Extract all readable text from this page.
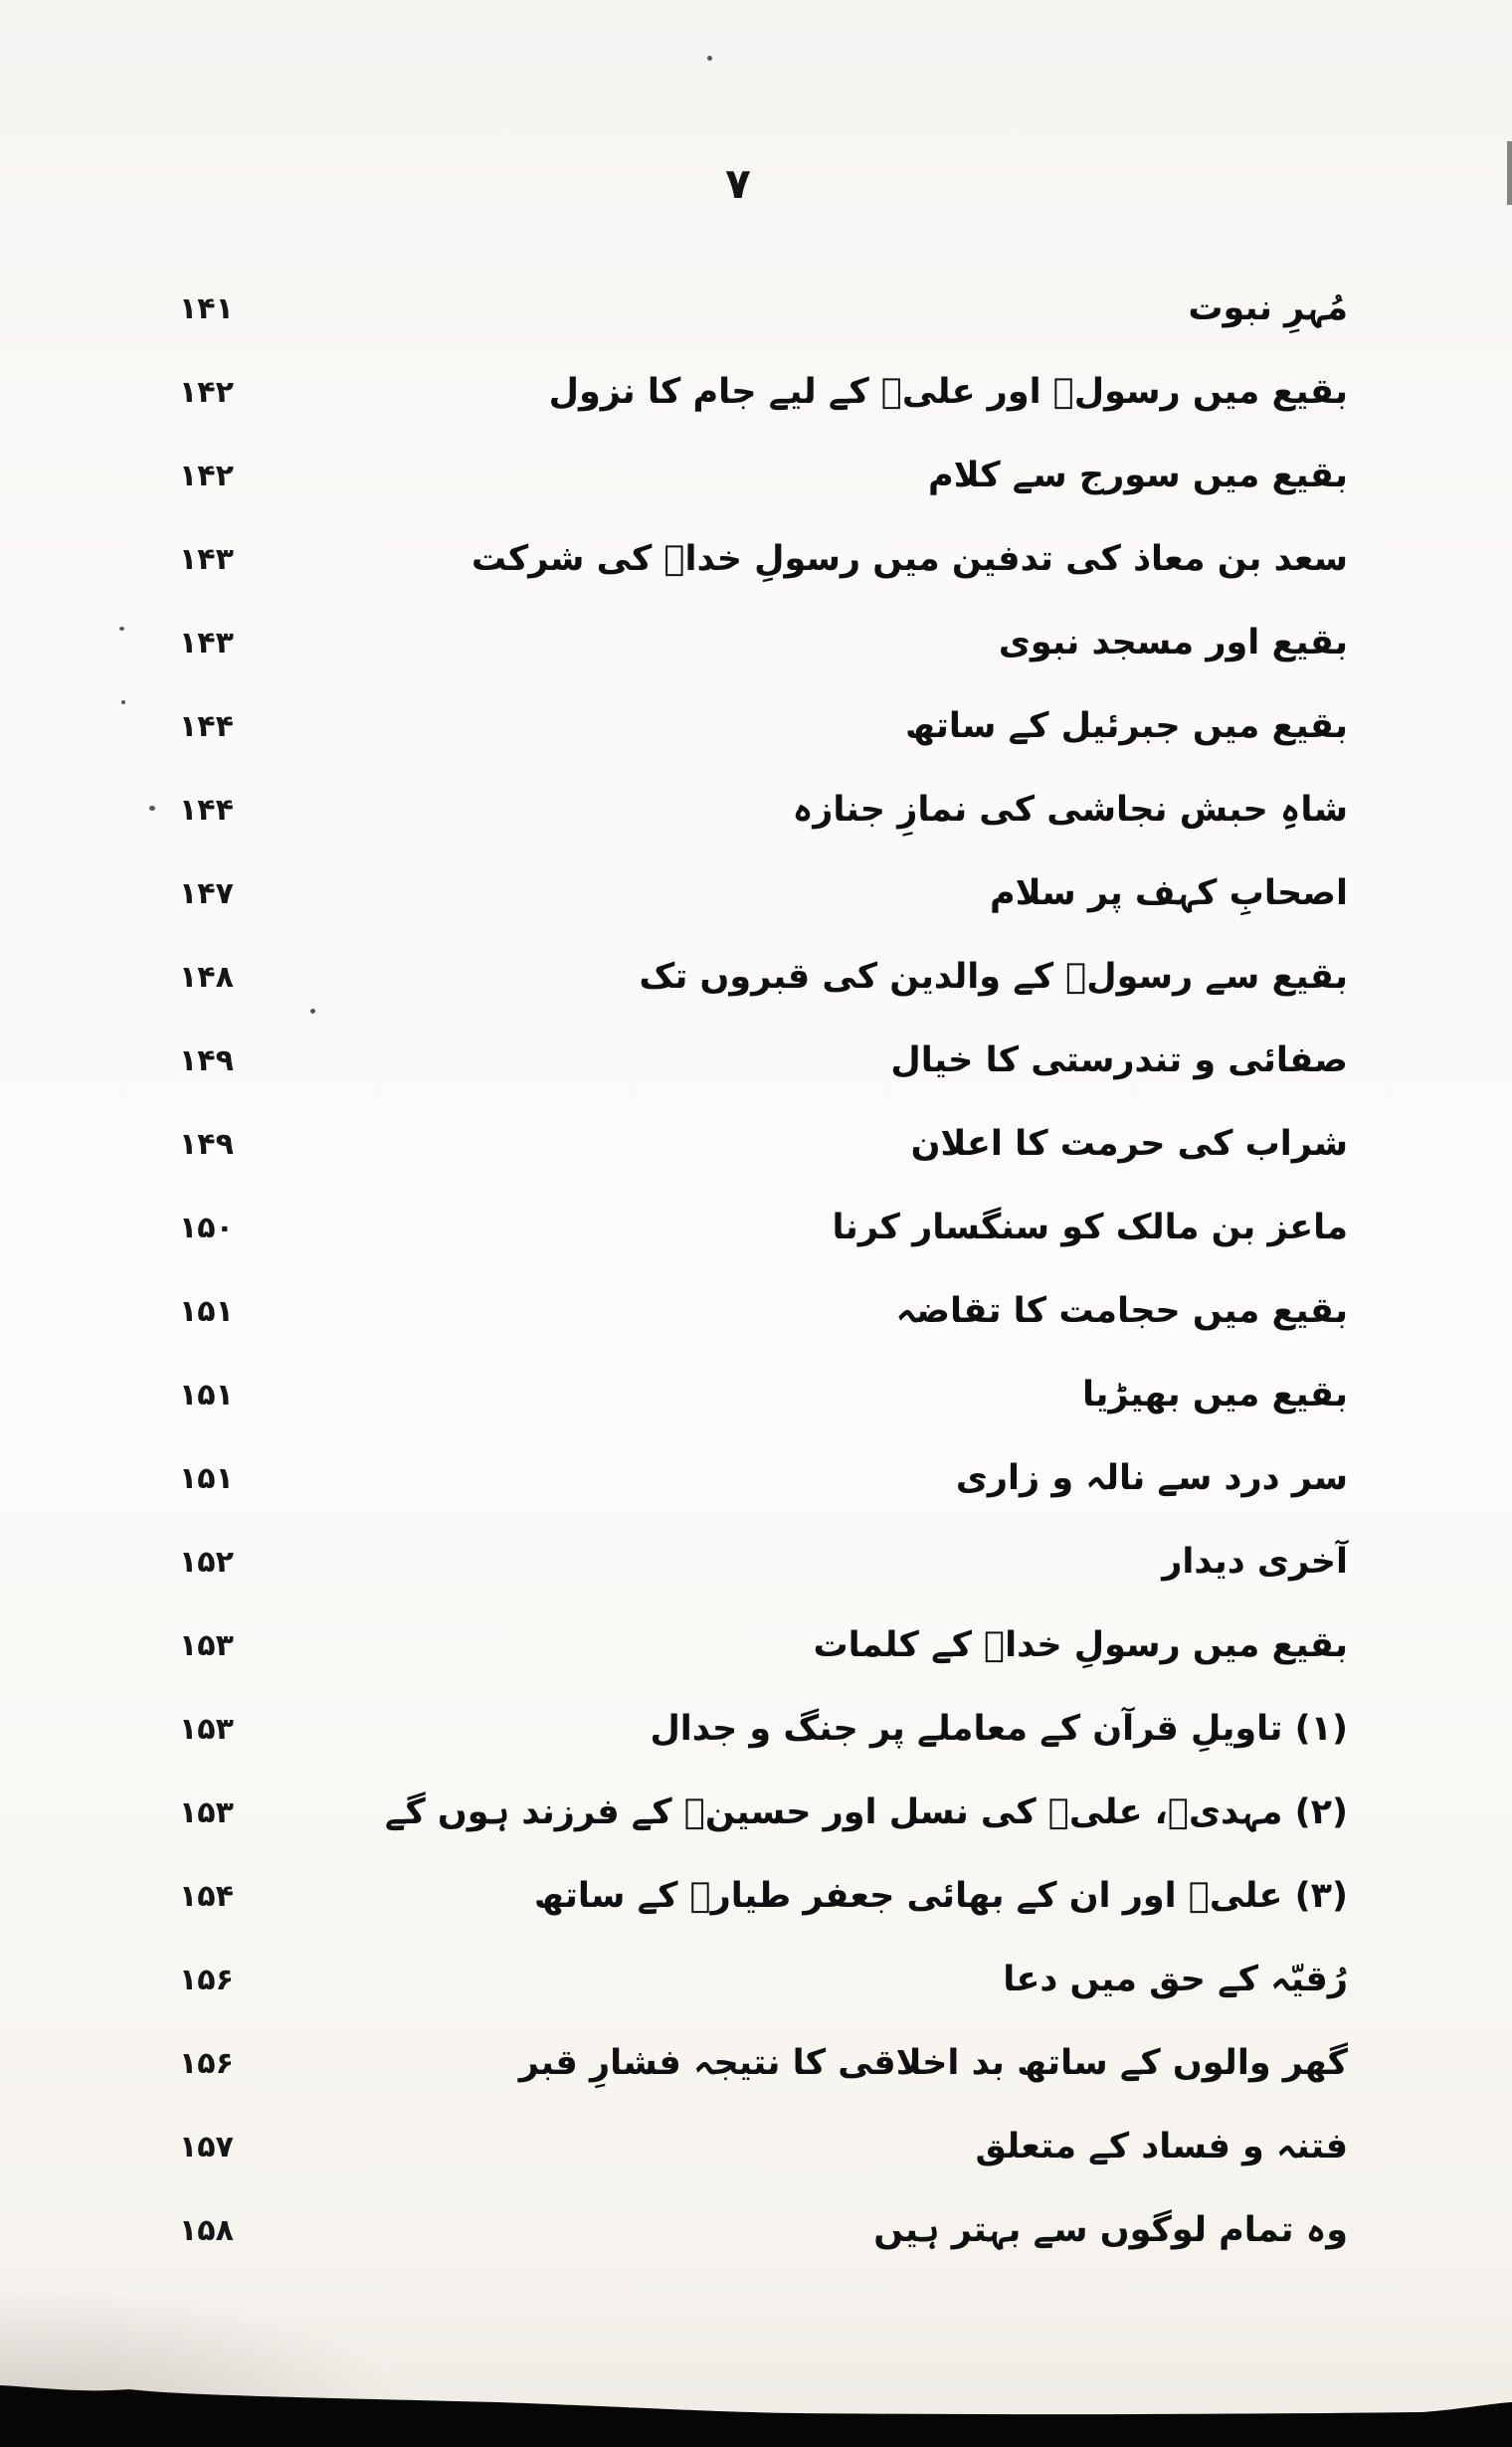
۷
۱۴۱	مُہرِ نبوت
۱۴۲	بقیع میں رسولؐ اور علیؑ کے لیے جام کا نزول
۱۴۲	بقیع میں سورج سے کلام
۱۴۳	سعد بن معاذ کی تدفین میں رسولِ خداؐ کی شرکت
۱۴۳	بقیع اور مسجد نبوی
۱۴۴	بقیع میں جبرئیل کے ساتھ
۱۴۴	شاہِ حبش نجاشی کی نمازِ جنازہ
۱۴۷	اصحابِ کہف پر سلام
۱۴۸	بقیع سے رسولؐ کے والدین کی قبروں تک
۱۴۹	صفائی و تندرستی کا خیال
۱۴۹	شراب کی حرمت کا اعلان
۱۵۰	ماعز بن مالک کو سنگسار کرنا
۱۵۱	بقیع میں حجامت کا تقاضہ
۱۵۱	بقیع میں بھیڑیا
۱۵۱	سر درد سے نالہ و زاری
۱۵۲	آخری دیدار
۱۵۳	بقیع میں رسولِ خداؐ کے کلمات
۱۵۳	(۱) تاویلِ قرآن کے معاملے پر جنگ و جدال
۱۵۳	(۲) مہدیؑ، علیؑ کی نسل اور حسینؑ کے فرزند ہوں گے
۱۵۴	(۳) علیؑ اور ان کے بھائی جعفر طیارؑ کے ساتھ
۱۵۶	رُقیّہ کے حق میں دعا
۱۵۶	گھر والوں کے ساتھ بد اخلاقی کا نتیجہ فشارِ قبر
۱۵۷	فتنہ و فساد کے متعلق
۱۵۸	وہ تمام لوگوں سے بہتر ہیں
